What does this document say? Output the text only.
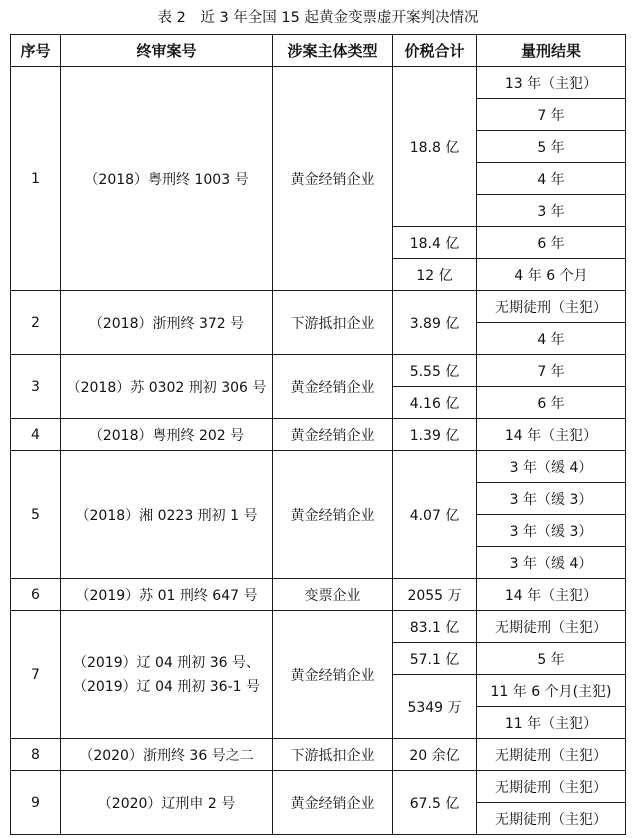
表 2　近 3 年全国 15 起黄金变票虚开案判决情况
序号	终审案号	涉案主体类型	价税合计	量刑结果
1	（2018）粤刑终 1003 号	黄金经销企业	18.8 亿	13 年（主犯）
				7 年
				5 年
				4 年
				3 年
			18.4 亿	6 年
			12 亿	4 年 6 个月
2	（2018）浙刑终 372 号	下游抵扣企业	3.89 亿	无期徒刑（主犯）
				4 年
3	（2018）苏 0302 刑初 306 号	黄金经销企业	5.55 亿	7 年
			4.16 亿	6 年
4	（2018）粤刑终 202 号	黄金经销企业	1.39 亿	14 年（主犯）
5	（2018）湘 0223 刑初 1 号	黄金经销企业	4.07 亿	3 年（缓 4）
				3 年（缓 3）
				3 年（缓 3）
				3 年（缓 4）
6	（2019）苏 01 刑终 647 号	变票企业	2055 万	14 年（主犯）
7	（2019）辽 04 刑初 36 号、
（2019）辽 04 刑初 36-1 号	黄金经销企业	83.1 亿	无期徒刑（主犯）
			57.1 亿	5 年
			5349 万	11 年 6 个月(主犯)
				11 年（主犯）
8	（2020）浙刑终 36 号之二	下游抵扣企业	20 余亿	无期徒刑（主犯）
9	（2020）辽刑申 2 号	黄金经销企业	67.5 亿	无期徒刑（主犯）
				无期徒刑（主犯）
